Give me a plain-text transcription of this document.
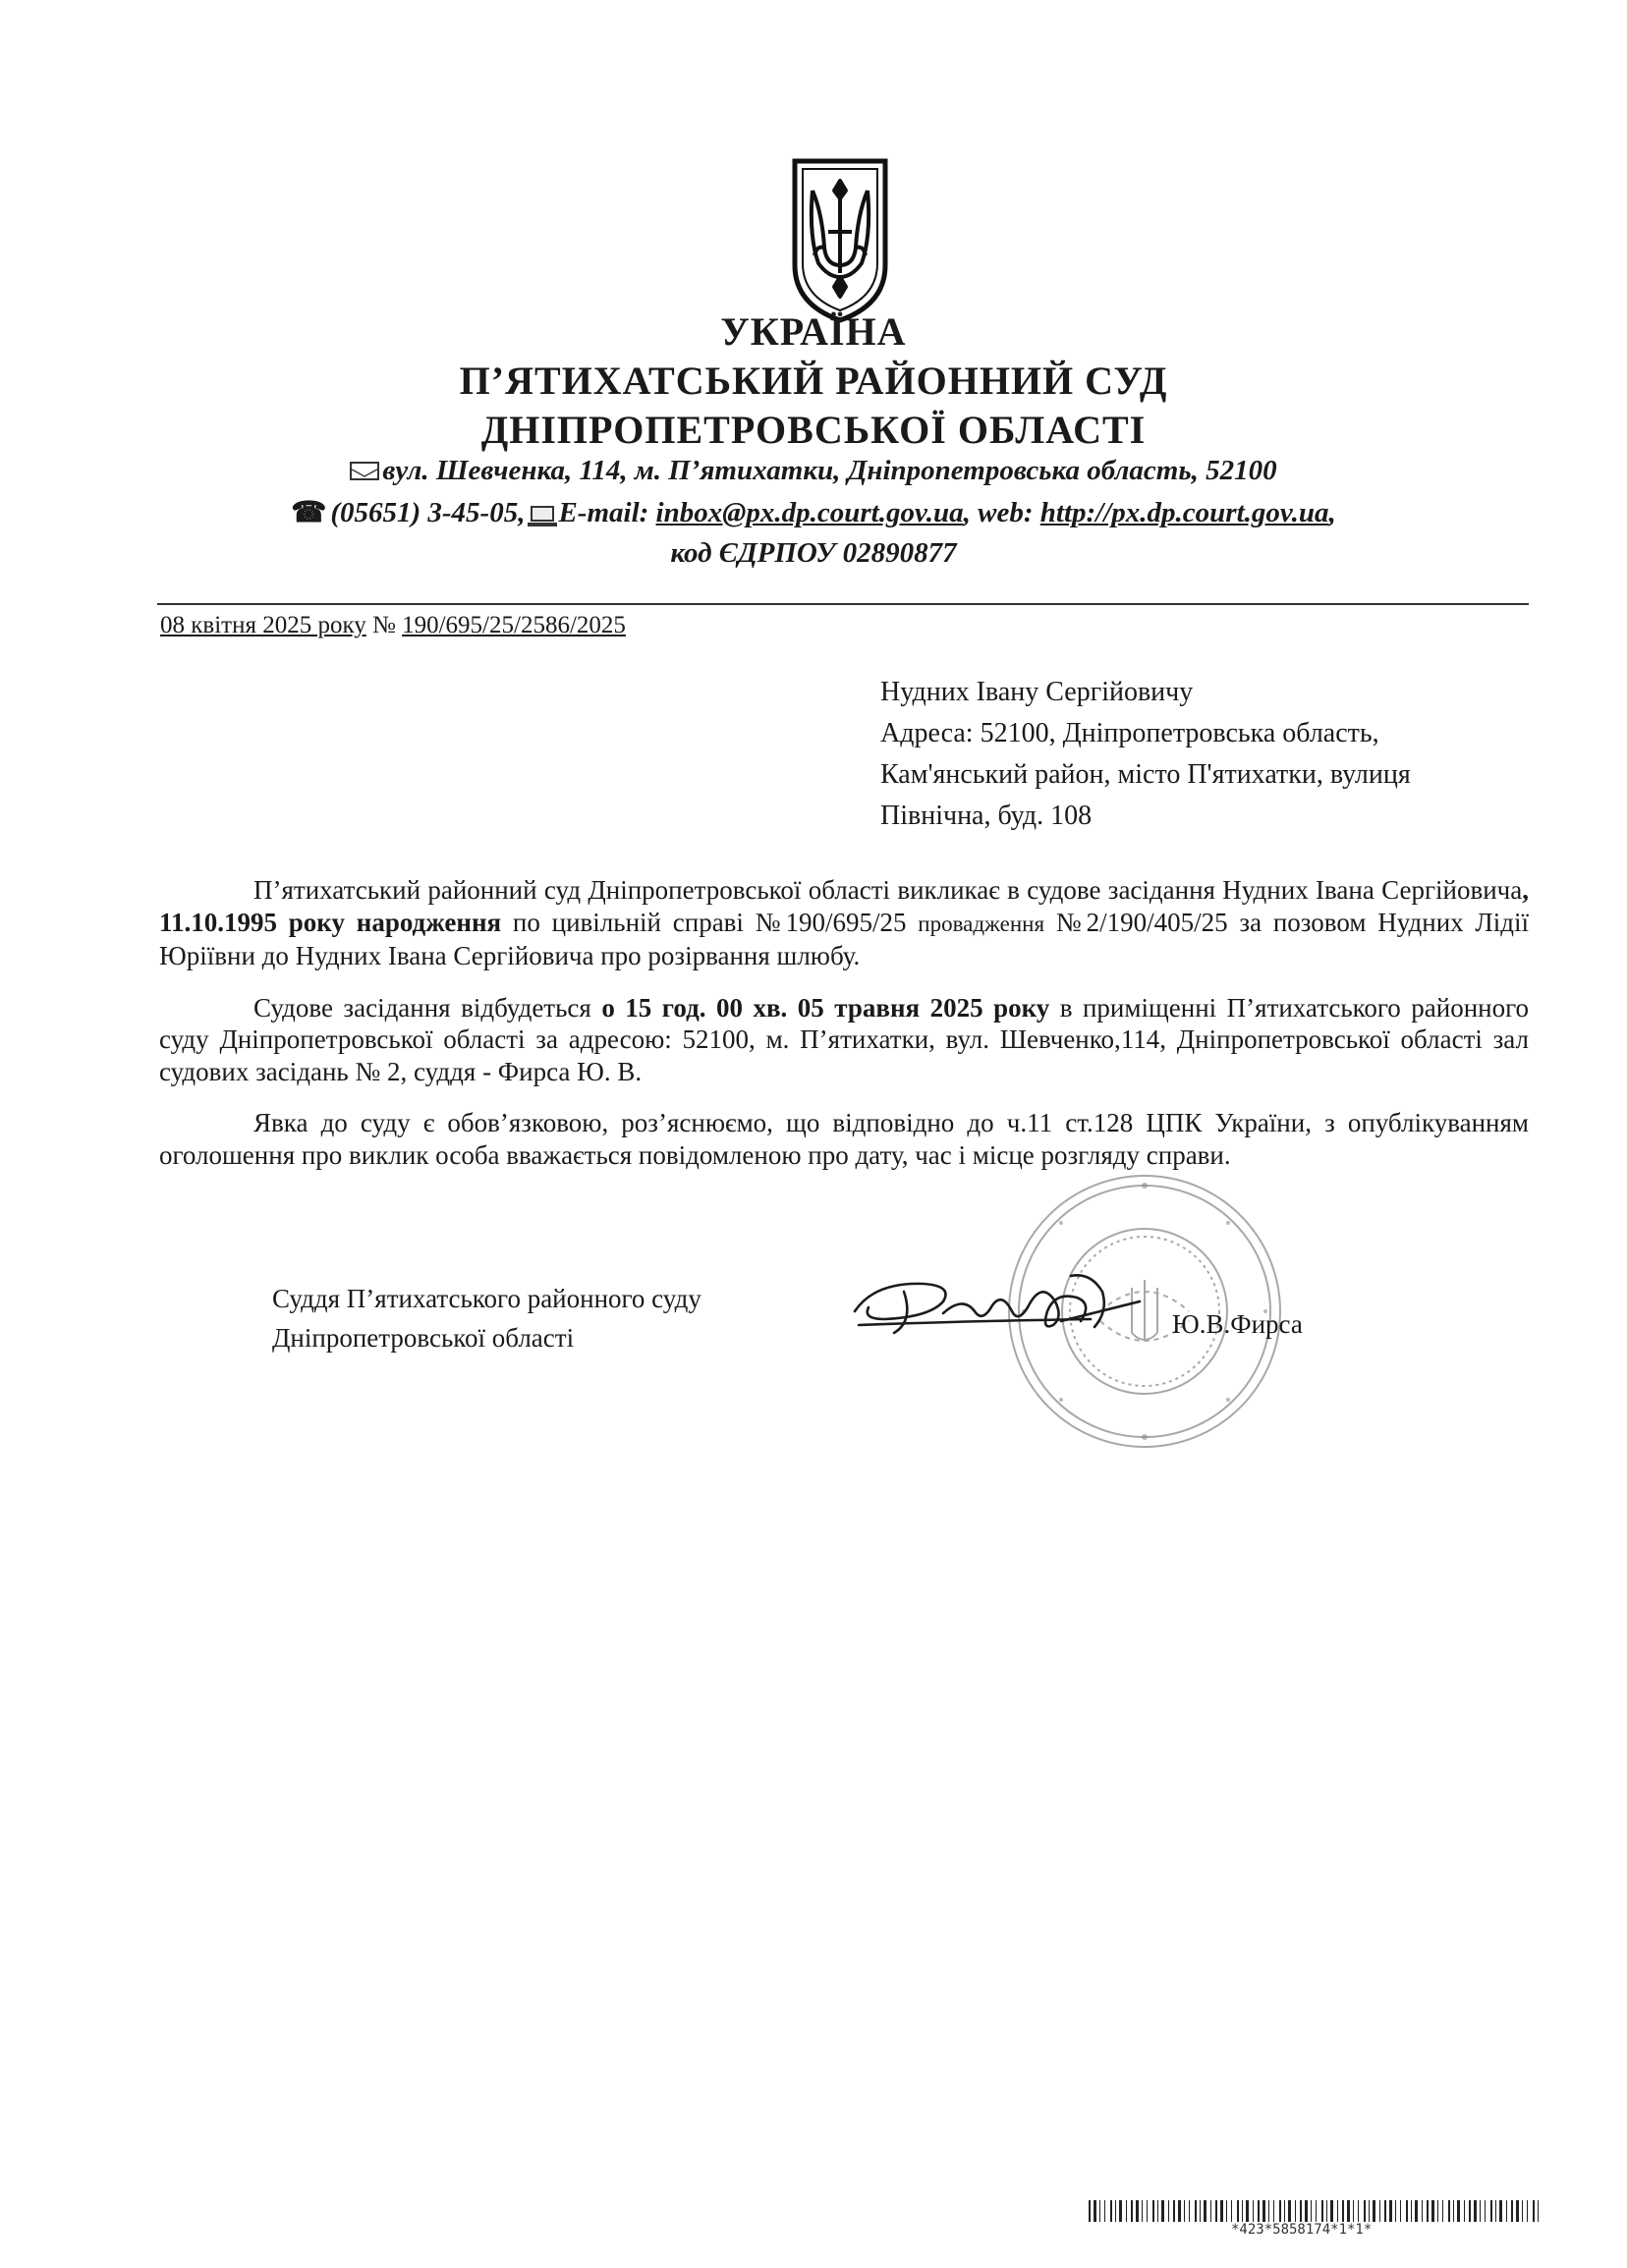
УКРАЇНА
П’ЯТИХАТСЬКИЙ РАЙОННИЙ СУД
ДНІПРОПЕТРОВСЬКОЇ ОБЛАСТІ
вул. Шевченка, 114, м. П’ятихатки, Дніпропетровська область, 52100
☎ (05651) 3-45-05, E-mail: inbox@px.dp.court.gov.ua, web: http://px.dp.court.gov.ua,
код ЄДРПОУ 02890877
08 квітня 2025 року № 190/695/25/2586/2025
Нудних Івану Сергійовичу
Адреса: 52100, Дніпропетровська область,
Кам'янський район, місто П'ятихатки, вулиця
Північна, буд. 108

П’ятихатський районний суд Дніпропетровської області викликає в судове засідання Нудних Івана Сергійовича, 11.10.1995 року народження по цивільній справі №190/695/25 провадження №2/190/405/25 за позовом Нудних Лідії Юріївни до Нудних Івана Сергійовича про розірвання шлюбу.

Судове засідання відбудеться о 15 год. 00 хв. 05 травня 2025 року в приміщенні П’ятихатського районного суду Дніпропетровської області за адресою: 52100, м. П’ятихатки, вул. Шевченко,114, Дніпропетровської області зал судових засідань № 2, суддя - Фирса Ю. В.

Явка до суду є обов’язковою, роз’яснюємо, що відповідно до ч.11 ст.128 ЦПК України, з опублікуванням оголошення про виклик особа вважається повідомленою про дату, час і місце розгляду справи.

Суддя П’ятихатського районного суду
Дніпропетровської області	Ю.В.Фирса
*423*5858174*1*1*
